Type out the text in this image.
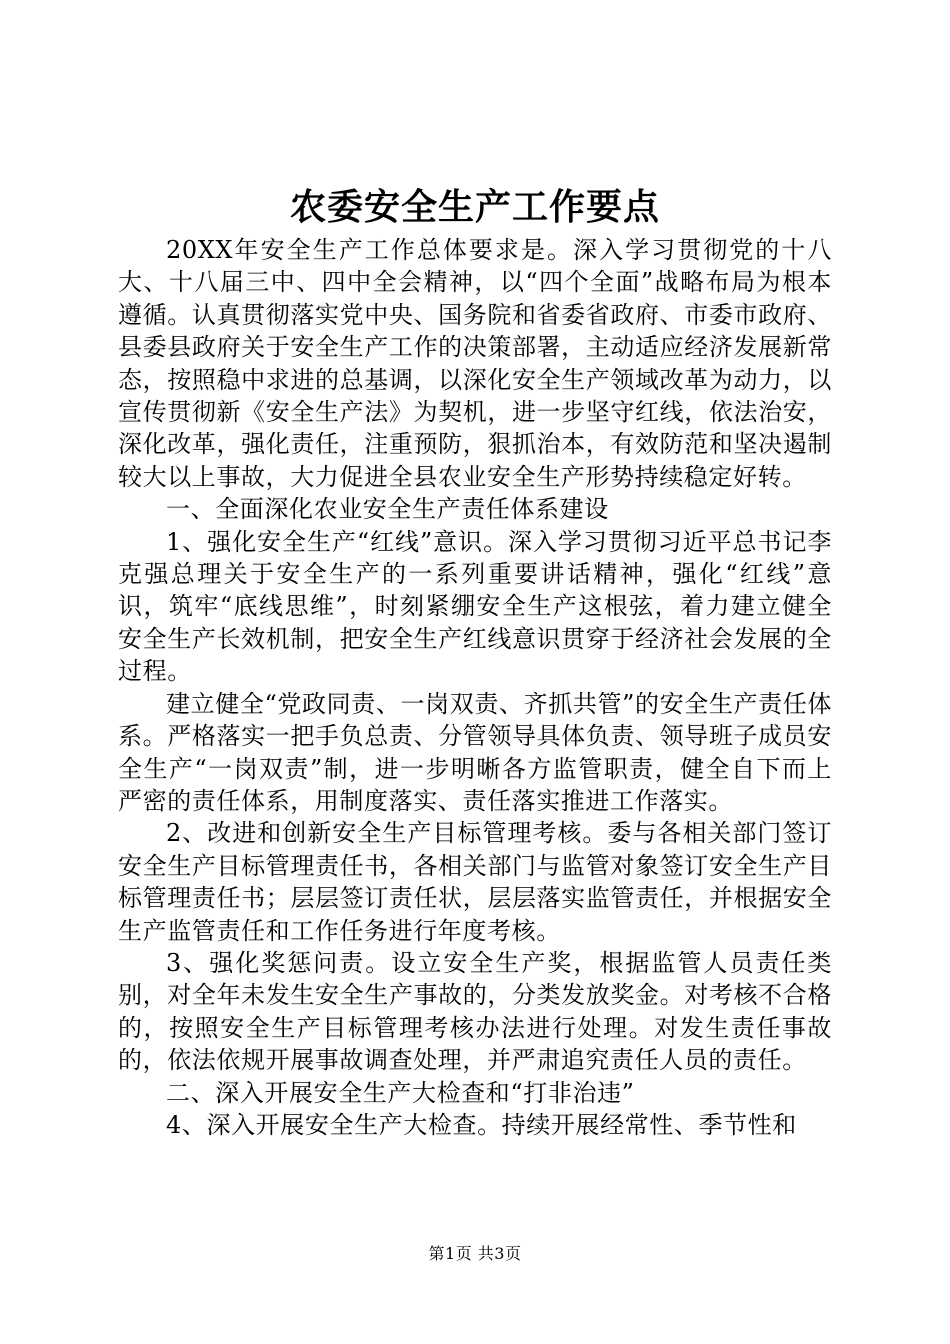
农委安全生产工作要点

20XX年安全生产工作总体要求是。深入学习贯彻党的十八大、十八届三中、四中全会精神，以“四个全面”战略布局为根本遵循。认真贯彻落实党中央、国务院和省委省政府、市委市政府、县委县政府关于安全生产工作的决策部署，主动适应经济发展新常态，按照稳中求进的总基调，以深化安全生产领域改革为动力，以宣传贯彻新《安全生产法》为契机，进一步坚守红线，依法治安，深化改革，强化责任，注重预防，狠抓治本，有效防范和坚决遏制较大以上事故，大力促进全县农业安全生产形势持续稳定好转。

一、全面深化农业安全生产责任体系建设

1、强化安全生产“红线”意识。深入学习贯彻习近平总书记李克强总理关于安全生产的一系列重要讲话精神，强化“红线”意识，筑牢“底线思维”，时刻紧绷安全生产这根弦，着力建立健全安全生产长效机制，把安全生产红线意识贯穿于经济社会发展的全过程。

建立健全“党政同责、一岗双责、齐抓共管”的安全生产责任体系。严格落实一把手负总责、分管领导具体负责、领导班子成员安全生产“一岗双责”制，进一步明晰各方监管职责，健全自下而上严密的责任体系，用制度落实、责任落实推进工作落实。

2、改进和创新安全生产目标管理考核。委与各相关部门签订安全生产目标管理责任书，各相关部门与监管对象签订安全生产目标管理责任书；层层签订责任状，层层落实监管责任，并根据安全生产监管责任和工作任务进行年度考核。

3、强化奖惩问责。设立安全生产奖，根据监管人员责任类别，对全年未发生安全生产事故的，分类发放奖金。对考核不合格的，按照安全生产目标管理考核办法进行处理。对发生责任事故的，依法依规开展事故调查处理，并严肃追究责任人员的责任。

二、深入开展安全生产大检查和“打非治违”

4、深入开展安全生产大检查。持续开展经常性、季节性和

第1页 共3页
